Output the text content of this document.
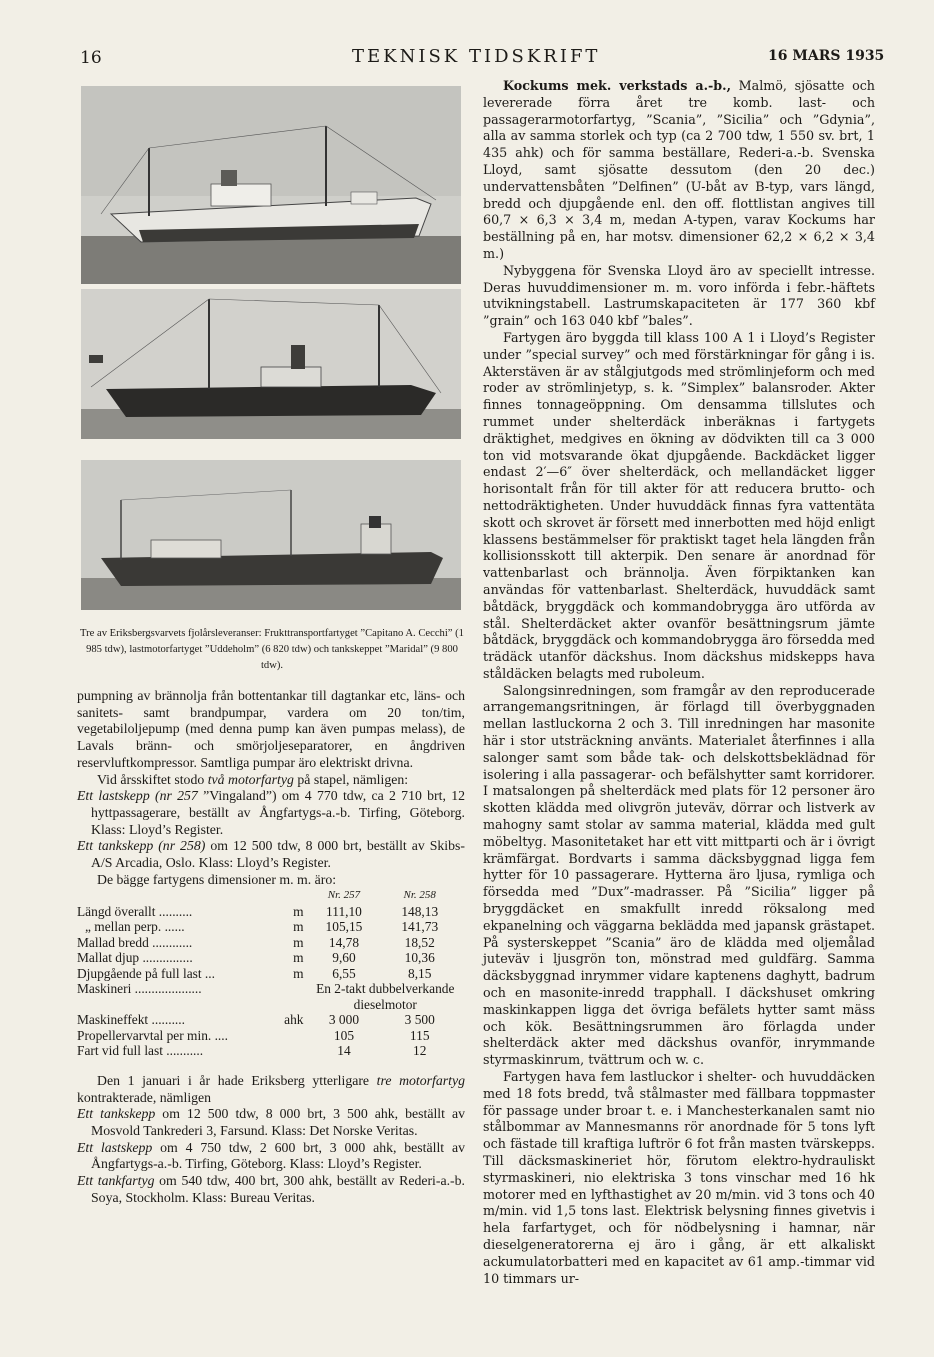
16	TEKNISK TIDSKRIFT	16 MARS 1935
Tre av Eriksbergsvarvets fjolårsleveranser: Frukttransportfartyget ”Capitano A. Cecchi” (1 985 tdw), lastmotorfartyget ”Uddeholm” (6 820 tdw) och tankskeppet ”Maridal” (9 800 tdw).

pumpning av brännolja från bottentankar till dagtankar etc, läns- och sanitets- samt brandpumpar, vardera om 20 ton/tim, vegetabiloljepump (med denna pump kan även pumpas melass), de Lavals bränn- och smörjoljeseparatorer, en ångdriven reservluftkompressor. Samtliga pumpar äro elektriskt drivna.

Vid årsskiftet stodo två motorfartyg på stapel, nämligen:

Ett lastskepp (nr 257 ”Vingaland”) om 4 770 tdw, ca 2 710 brt, 12 hyttpassagerare, beställt av Ångfartygs-a.-b. Tirfing, Göteborg. Klass: Lloyd’s Register.

Ett tankskepp (nr 258) om 12 500 tdw, 8 000 brt, beställt av Skibs-A/S Arcadia, Oslo. Klass: Lloyd’s Register.

De bägge fartygens dimensioner m. m. äro:

	Nr. 257	Nr. 258
Längd överallt .......... m	111,10	148,13
„ mellan perp. ...... m	105,15	141,73
Mallad bredd ............ m	14,78	18,52
Mallat djup ............... m	9,60	10,36
Djupgående på full last ... m	6,55	8,15
Maskineri ....................	En 2-takt dubbelverkande dieselmotor	
Maskineffekt .......... ahk	3 000	3 500
Propellervarvtal per min. ....	105	115
Fart vid full last ...........	14	12

Den 1 januari i år hade Eriksberg ytterligare tre motorfartyg kontrakterade, nämligen

Ett tankskepp om 12 500 tdw, 8 000 brt, 3 500 ahk, beställt av Mosvold Tankrederi 3, Farsund. Klass: Det Norske Veritas.

Ett lastskepp om 4 750 tdw, 2 600 brt, 3 000 ahk, beställt av Ångfartygs-a.-b. Tirfing, Göteborg. Klass: Lloyd’s Register.

Ett tankfartyg om 540 tdw, 400 brt, 300 ahk, beställt av Rederi-a.-b. Soya, Stockholm. Klass: Bureau Veritas.

Kockums mek. verkstads a.-b., Malmö, sjösatte och levererade förra året tre komb. last- och passagerarmotorfartyg, ”Scania”, ”Sicilia” och ”Gdynia”, alla av samma storlek och typ (ca 2 700 tdw, 1 550 sv. brt, 1 435 ahk) och för samma beställare, Rederi-a.-b. Svenska Lloyd, samt sjösatte dessutom (den 20 dec.) undervattensbåten ”Delfinen” (U-båt av B-typ, vars längd, bredd och djupgående enl. den off. flottlistan angives till 60,7 × 6,3 × 3,4 m, medan A-typen, varav Kockums har beställning på en, har motsv. dimensioner 62,2 × 6,2 × 3,4 m.)

Nybyggena för Svenska Lloyd äro av speciellt intresse. Deras huvuddimensioner m. m. voro införda i febr.-häftets utvikningstabell. Lastrumskapaciteten är 177 360 kbf ”grain” och 163 040 kbf ”bales”.

Fartygen äro byggda till klass 100 A 1 i Lloyd’s Register under ”special survey” och med förstärkningar för gång i is. Akterstäven är av stålgjutgods med strömlinjeform och med roder av strömlinjetyp, s. k. ”Simplex” balansroder. Akter finnes tonnageöppning. Om densamma tillslutes och rummet under shelterdäck inberäknas i fartygets dräktighet, medgives en ökning av dödvikten till ca 3 000 ton vid motsvarande ökat djupgående. Backdäcket ligger endast 2′—6″ över shelterdäck, och mellandäcket ligger horisontalt från för till akter för att reducera brutto- och nettodräktigheten. Under huvuddäck finnas fyra vattentäta skott och skrovet är försett med innerbotten med höjd enligt klassens bestämmelser för praktiskt taget hela längden från kollisionsskott till akterpik. Den senare är anordnad för vattenbarlast och brännolja. Även förpiktanken kan användas för vattenbarlast. Shelterdäck, huvuddäck samt båtdäck, bryggdäck och kommandobrygga äro utförda av stål. Shelterdäcket akter ovanför besättningsrum jämte båtdäck, bryggdäck och kommandobrygga äro försedda med trädäck utanför däckshus. Inom däckshus midskepps hava ståldäcken belagts med ruboleum.

Salongsinredningen, som framgår av den reproducerade arrangemangsritningen, är förlagd till överbyggnaden mellan lastluckorna 2 och 3. Till inredningen har masonite här i stor utsträckning använts. Materialet återfinnes i alla salonger samt som både tak- och delskottsbeklädnad för isolering i alla passagerar- och befälshytter samt korridorer. I matsalongen på shelterdäck med plats för 12 personer äro skotten klädda med olivgrön juteväv, dörrar och listverk av mahogny samt stolar av samma material, klädda med gult möbeltyg. Masonitetaket har ett vitt mittparti och är i övrigt krämfärgat. Bordvarts i samma däcksbyggnad ligga fem hytter för 10 passagerare. Hytterna äro ljusa, rymliga och försedda med ”Dux”-madrasser. På ”Sicilia” ligger på bryggdäcket en smakfullt inredd röksalong med ekpanelning och väggarna beklädda med japansk grästapet. På systerskeppet ”Scania” äro de klädda med oljemålad juteväv i ljusgrön ton, mönstrad med guldfärg. Samma däcksbyggnad inrymmer vidare kaptenens daghytt, badrum och en masonite-inredd trapphall. I däckshuset omkring maskinkappen ligga det övriga befälets hytter samt mäss och kök. Besättningsrummen äro förlagda under shelterdäck akter med däckshus ovanför, inrymmande styrmaskinrum, tvättrum och w. c.

Fartygen hava fem lastluckor i shelter- och huvuddäcken med 18 fots bredd, två stålmaster med fällbara toppmaster för passage under broar t. e. i Manchesterkanalen samt nio stålbommar av Mannesmanns rör anordnade för 5 tons lyft och fästade till kraftiga luftrör 6 fot från masten tvärskepps. Till däcksmaskineriet hör, förutom elektro-hydrauliskt styrmaskineri, nio elektriska 3 tons vinschar med 16 hk motorer med en lyfthastighet av 20 m/min. vid 3 tons och 40 m/min. vid 1,5 tons last. Elektrisk belysning finnes givetvis i hela farfartyget, och för nödbelysning i hamnar, när dieselgeneratorerna ej äro i gång, är ett alkaliskt ackumulatorbatteri med en kapacitet av 61 amp.-timmar vid 10 timmars ur-
